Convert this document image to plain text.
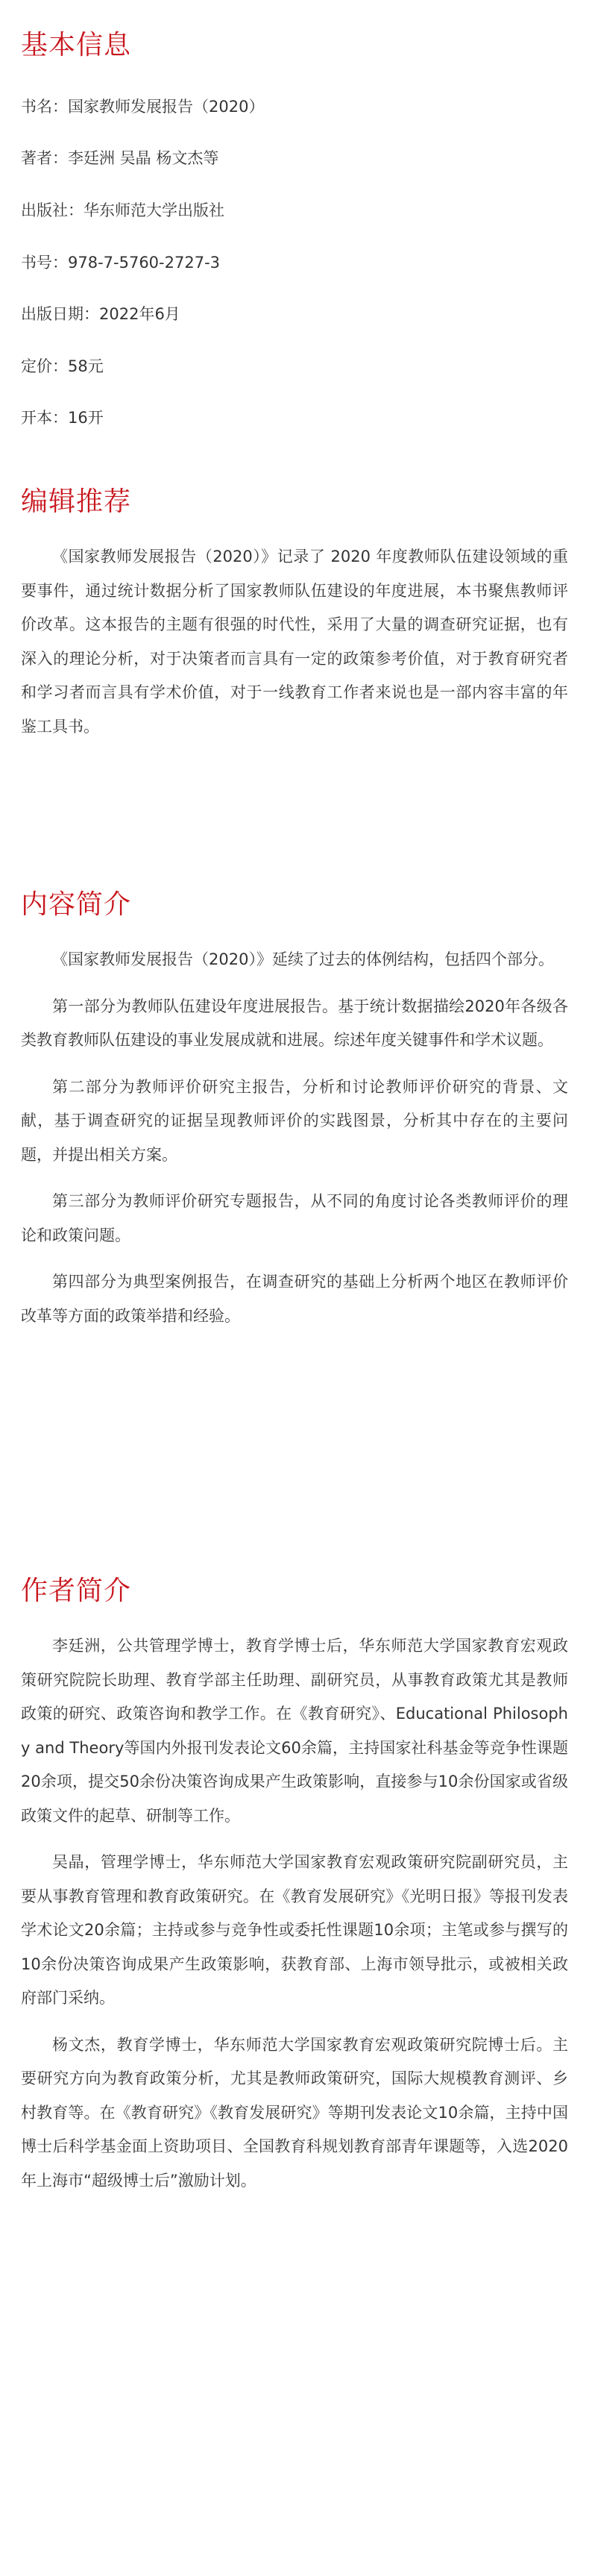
基本信息
书名：国家教师发展报告（2020）
著者：李廷洲 吴晶 杨文杰等
出版社：华东师范大学出版社
书号：978-7-5760-2727-3
出版日期：2022年6月
定价：58元
开本：16开
编辑推荐

《国家教师发展报告（2020）》记录了 2020 年度教师队伍建设领域的重要事件，通过统计数据分析了国家教师队伍建设的年度进展，本书聚焦教师评价改革。这本报告的主题有很强的时代性，采用了大量的调查研究证据，也有深入的理论分析，对于决策者而言具有一定的政策参考价值，对于教育研究者和学习者而言具有学术价值，对于一线教育工作者来说也是一部内容丰富的年鉴工具书。

内容简介

《国家教师发展报告（2020）》延续了过去的体例结构，包括四个部分。

第一部分为教师队伍建设年度进展报告。基于统计数据描绘2020年各级各类教育教师队伍建设的事业发展成就和进展。综述年度关键事件和学术议题。

第二部分为教师评价研究主报告，分析和讨论教师评价研究的背景、文献，基于调查研究的证据呈现教师评价的实践图景，分析其中存在的主要问题，并提出相关方案。

第三部分为教师评价研究专题报告，从不同的角度讨论各类教师评价的理论和政策问题。

第四部分为典型案例报告，在调查研究的基础上分析两个地区在教师评价改革等方面的政策举措和经验。

作者简介

李廷洲，公共管理学博士，教育学博士后，华东师范大学国家教育宏观政策研究院院长助理、教育学部主任助理、副研究员，从事教育政策尤其是教师政策的研究、政策咨询和教学工作。在《教育研究》、Educational Philosophy and Theory等国内外报刊发表论文60余篇，主持国家社科基金等竞争性课题20余项，提交50余份决策咨询成果产生政策影响，直接参与10余份国家或省级政策文件的起草、研制等工作。

吴晶，管理学博士，华东师范大学国家教育宏观政策研究院副研究员，主要从事教育管理和教育政策研究。在《教育发展研究》《光明日报》等报刊发表学术论文20余篇；主持或参与竞争性或委托性课题10余项；主笔或参与撰写的10余份决策咨询成果产生政策影响，获教育部、上海市领导批示，或被相关政府部门采纳。

杨文杰，教育学博士，华东师范大学国家教育宏观政策研究院博士后。主要研究方向为教育政策分析，尤其是教师政策研究，国际大规模教育测评、乡村教育等。在《教育研究》《教育发展研究》等期刊发表论文10余篇，主持中国博士后科学基金面上资助项目、全国教育科规划教育部青年课题等，入选2020年上海市“超级博士后”激励计划。
